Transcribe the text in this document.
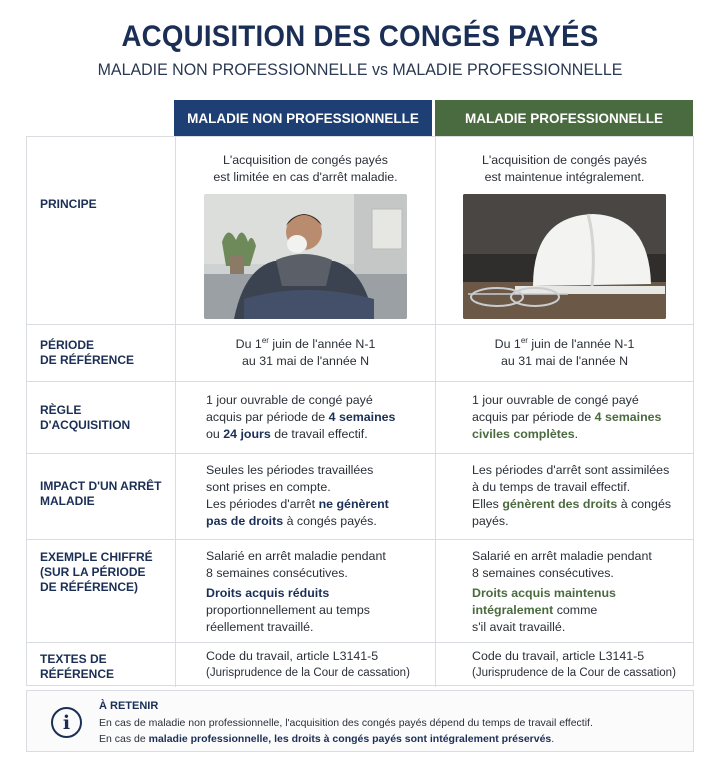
ACQUISITION DES CONGÉS PAYÉS
MALADIE NON PROFESSIONNELLE vs MALADIE PROFESSIONNELLE
MALADIE NON PROFESSIONNELLE	MALADIE PROFESSIONNELLE
PRINCIPE
L'acquisition de congés payés
est limitée en cas d'arrêt maladie.
L'acquisition de congés payés
est maintenue intégralement.
PÉRIODE
DE RÉFÉRENCE
Du 1er juin de l'année N-1
au 31 mai de l'année N
Du 1er juin de l'année N-1
au 31 mai de l'année N
RÈGLE
D'ACQUISITION
1 jour ouvrable de congé payé
acquis par période de 4 semaines
ou 24 jours de travail effectif.
1 jour ouvrable de congé payé
acquis par période de 4 semaines
civiles complètes.
IMPACT D'UN ARRÊT
MALADIE
Seules les périodes travaillées
sont prises en compte.
Les périodes d'arrêt ne génèrent
pas de droits à congés payés.
Les périodes d'arrêt sont assimilées
à du temps de travail effectif.
Elles génèrent des droits à congés
payés.
EXEMPLE CHIFFRÉ
(SUR LA PÉRIODE
DE RÉFÉRENCE)
Salarié en arrêt maladie pendant
8 semaines consécutives.
Droits acquis réduits
proportionnellement au temps
réellement travaillé.
Salarié en arrêt maladie pendant
8 semaines consécutives.
Droits acquis maintenus
intégralement comme
s'il avait travaillé.
TEXTES DE RÉFÉRENCE
Code du travail, article L3141-5
(Jurisprudence de la Cour de cassation)
Code du travail, article L3141-5
(Jurisprudence de la Cour de cassation)
i
À RETENIR
En cas de maladie non professionnelle, l'acquisition des congés payés dépend du temps de travail effectif.
En cas de maladie professionnelle, les droits à congés payés sont intégralement préservés.
